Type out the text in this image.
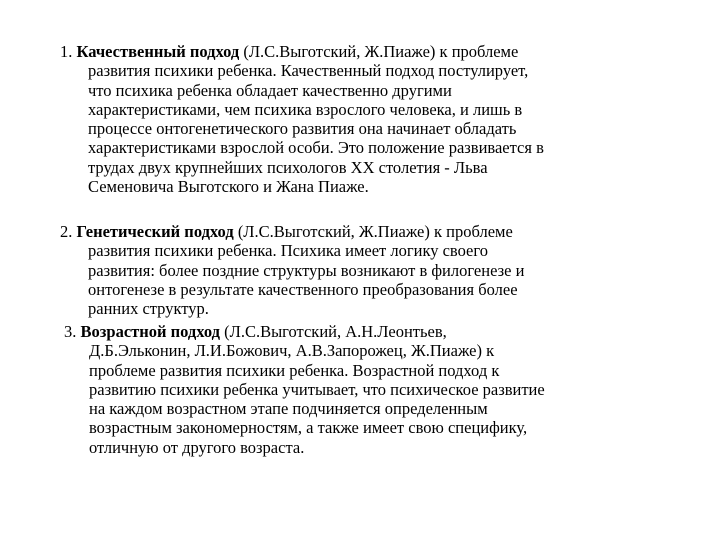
1. Качественный подход (Л.С.Выготский, Ж.Пиаже) к проблеме
развития психики ребенка. Качественный подход постулирует,
что психика ребенка обладает качественно другими
характеристиками, чем психика взрослого человека, и лишь в
процессе онтогенетического развития она начинает обладать
характеристиками взрослой особи. Это положение развивается в
трудах двух крупнейших психологов XX столетия - Льва
Семеновича Выготского и Жана Пиаже.
2. Генетический подход (Л.С.Выготский, Ж.Пиаже) к проблеме
развития психики ребенка. Психика имеет логику своего
развития: более поздние структуры возникают в филогенезе и
онтогенезе в результате качественного преобразования более
ранних структур.
3. Возрастной подход (Л.С.Выготский, А.Н.Леонтьев,
Д.Б.Эльконин, Л.И.Божович, А.В.Запорожец, Ж.Пиаже) к
проблеме развития психики ребенка. Возрастной подход к
развитию психики ребенка учитывает, что психическое развитие
на каждом возрастном этапе подчиняется определенным
возрастным закономерностям, а также имеет свою специфику,
отличную от другого возраста.
